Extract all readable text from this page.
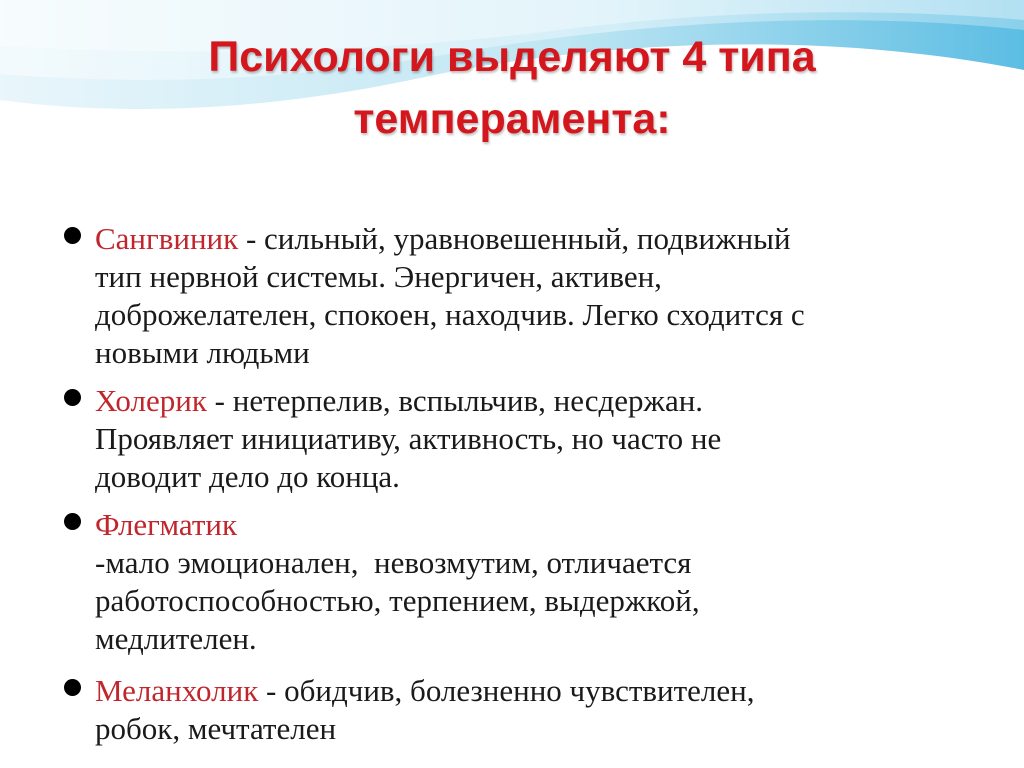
Психологи выделяют 4 типа
темперамента:
Сангвиник - сильный, уравновешенный, подвижный
тип нервной системы. Энергичен, активен,
доброжелателен, спокоен, находчив. Легко сходится с
новыми людьми
Холерик - нетерпелив, вспыльчив, несдержан.
Проявляет инициативу, активность, но часто не
доводит дело до конца.
Флегматик
-мало эмоционален,  невозмутим, отличается
работоспособностью, терпением, выдержкой,
медлителен.
Меланхолик - обидчив, болезненно чувствителен,
робок, мечтателен
